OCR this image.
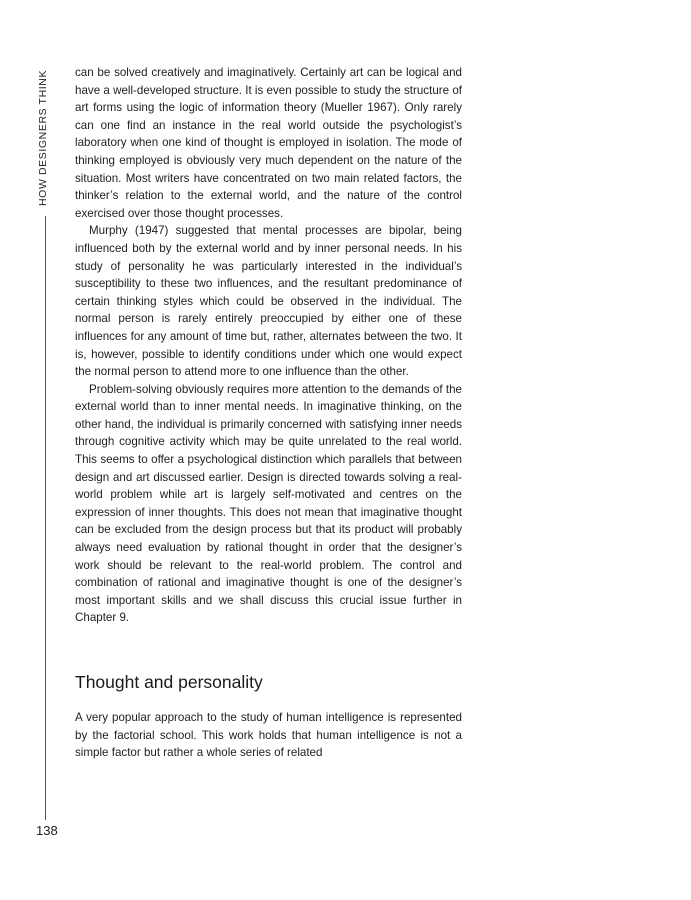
HOW DESIGNERS THINK
138

can be solved creatively and imaginatively. Certainly art can be logical and have a well-developed structure. It is even possible to study the structure of art forms using the logic of information theory (Mueller 1967). Only rarely can one find an instance in the real world outside the psychologist’s laboratory when one kind of thought is employed in isolation. The mode of thinking employed is obviously very much dependent on the nature of the situation. Most writers have concentrated on two main related factors, the thinker’s relation to the external world, and the nature of the control exercised over those thought processes.

Murphy (1947) suggested that mental processes are bipolar, being influenced both by the external world and by inner personal needs. In his study of personality he was particularly interested in the individual’s susceptibility to these two influences, and the resultant predominance of certain thinking styles which could be observed in the individual. The normal person is rarely entirely preoccupied by either one of these influences for any amount of time but, rather, alternates between the two. It is, however, possible to identify conditions under which one would expect the normal person to attend more to one influence than the other.

Problem-solving obviously requires more attention to the demands of the external world than to inner mental needs. In imaginative thinking, on the other hand, the individual is primarily concerned with satisfying inner needs through cognitive activity which may be quite unrelated to the real world. This seems to offer a psychological distinction which parallels that between design and art discussed earlier. Design is directed towards solving a real-world problem while art is largely self-motivated and centres on the expression of inner thoughts. This does not mean that imaginative thought can be excluded from the design process but that its product will probably always need evaluation by rational thought in order that the designer’s work should be relevant to the real-world problem. The control and combination of rational and imaginative thought is one of the designer’s most important skills and we shall discuss this crucial issue further in Chapter 9.

Thought and personality

A very popular approach to the study of human intelligence is represented by the factorial school. This work holds that human intelligence is not a simple factor but rather a whole series of related
